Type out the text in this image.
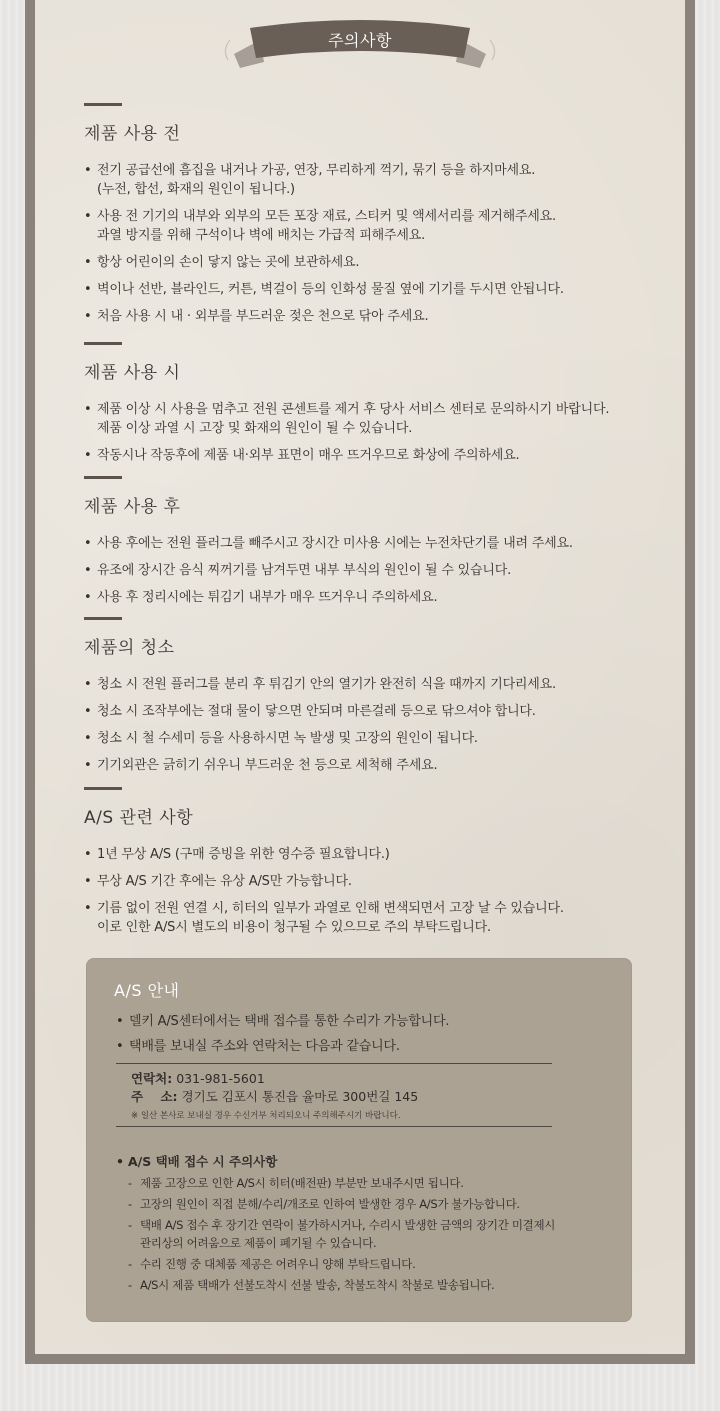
주의사항
제품 사용 전
• 전기 공급선에 흠집을 내거나 가공, 연장, 무리하게 꺽기, 묶기 등을 하지마세요.
(누전, 합선, 화재의 원인이 됩니다.)
• 사용 전 기기의 내부와 외부의 모든 포장 재료, 스티커 및 액세서리를 제거해주세요.
과열 방지를 위해 구석이나 벽에 배치는 가급적 피해주세요.
• 항상 어린이의 손이 닿지 않는 곳에 보관하세요.
• 벽이나 선반, 블라인드, 커튼, 벽걸이 등의 인화성 물질 옆에 기기를 두시면 안됩니다.
• 처음 사용 시 내 · 외부를 부드러운 젖은 천으로 닦아 주세요.
제품 사용 시
• 제품 이상 시 사용을 멈추고 전원 콘센트를 제거 후 당사 서비스 센터로 문의하시기 바랍니다.
제품 이상 과열 시 고장 및 화재의 원인이 될 수 있습니다.
• 작동시나 작동후에 제품 내·외부 표면이 매우 뜨거우므로 화상에 주의하세요.
제품 사용 후
• 사용 후에는 전원 플러그를 빼주시고 장시간 미사용 시에는 누전차단기를 내려 주세요.
• 유조에 장시간 음식 찌꺼기를 남겨두면 내부 부식의 원인이 될 수 있습니다.
• 사용 후 정리시에는 튀김기 내부가 매우 뜨거우니 주의하세요.
제품의 청소
• 청소 시 전원 플러그를 분리 후 튀김기 안의 열기가 완전히 식을 때까지 기다리세요.
• 청소 시 조작부에는 절대 물이 닿으면 안되며 마른걸레 등으로 닦으셔야 합니다.
• 청소 시 철 수세미 등을 사용하시면 녹 발생 및 고장의 원인이 됩니다.
• 기기외관은 긁히기 쉬우니 부드러운 천 등으로 세척해 주세요.
A/S 관련 사항
• 1년 무상 A/S (구매 증빙을 위한 영수증 필요합니다.)
• 무상 A/S 기간 후에는 유상 A/S만 가능합니다.
• 기름 없이 전원 연결 시, 히터의 일부가 과열로 인해 변색되면서 고장 날 수 있습니다.
이로 인한 A/S시 별도의 비용이 청구될 수 있으므로 주의 부탁드립니다.
A/S 안내
• 델키 A/S센터에서는 택배 접수를 통한 수리가 가능합니다.
• 택배를 보내실 주소와 연락처는 다음과 같습니다.
연락처: 031-981-5601
주    소: 경기도 김포시 통진읍 율마로 300번길 145
※ 일산 본사로 보내실 경우 수신거부 처리되오니 주의해주시기 바랍니다.
• A/S 택배 접수 시 주의사항
- 제품 고장으로 인한 A/S시 히터(배전판) 부분만 보내주시면 됩니다.
- 고장의 원인이 직접 분해/수리/개조로 인하여 발생한 경우 A/S가 불가능합니다.
- 택배 A/S 접수 후 장기간 연락이 불가하시거나, 수리시 발생한 금액의 장기간 미결제시
관리상의 어려움으로 제품이 폐기될 수 있습니다.
- 수리 진행 중 대체품 제공은 어려우니 양해 부탁드립니다.
- A/S시 제품 택배가 선불도착시 선불 발송, 착불도착시 착불로 발송됩니다.
